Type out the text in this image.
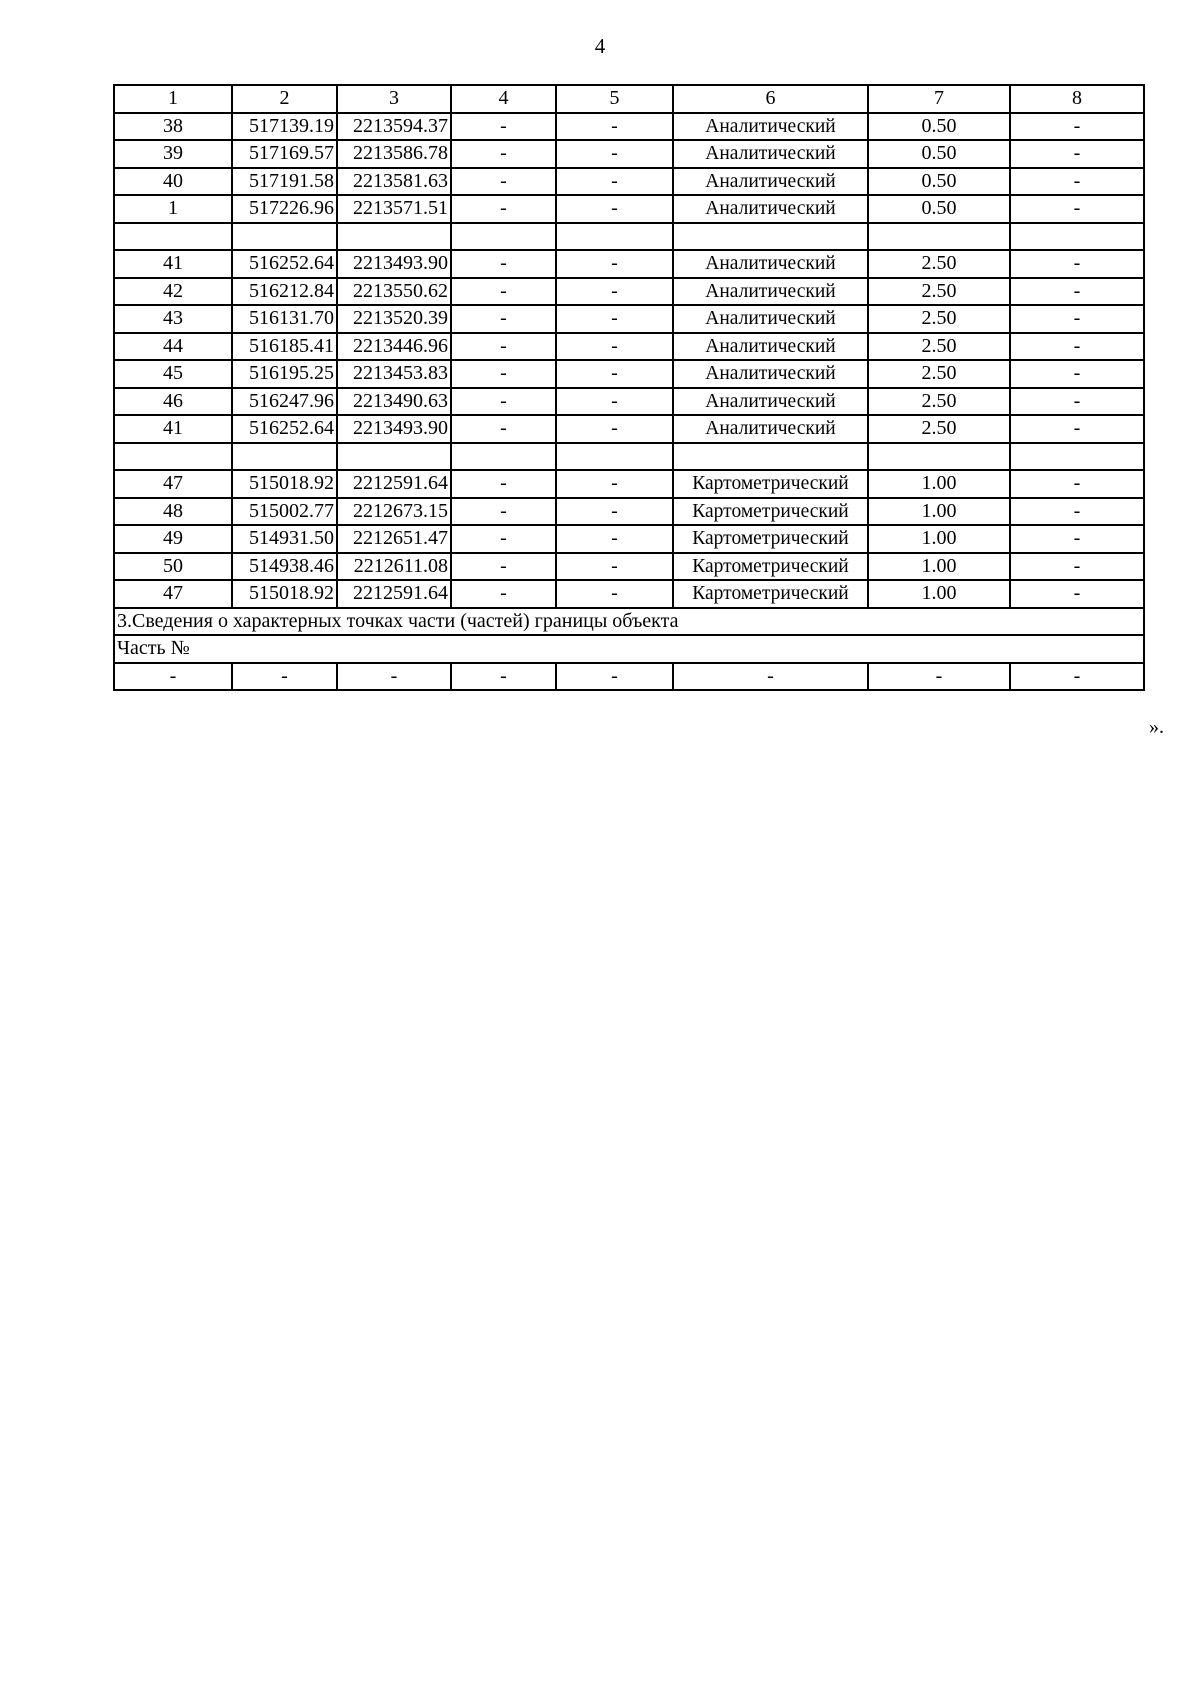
4
1	2	3	4	5	6	7	8
38	517139.19	2213594.37	-	-	Аналитический	0.50	-
39	517169.57	2213586.78	-	-	Аналитический	0.50	-
40	517191.58	2213581.63	-	-	Аналитический	0.50	-
1	517226.96	2213571.51	-	-	Аналитический	0.50	-

41	516252.64	2213493.90	-	-	Аналитический	2.50	-
42	516212.84	2213550.62	-	-	Аналитический	2.50	-
43	516131.70	2213520.39	-	-	Аналитический	2.50	-
44	516185.41	2213446.96	-	-	Аналитический	2.50	-
45	516195.25	2213453.83	-	-	Аналитический	2.50	-
46	516247.96	2213490.63	-	-	Аналитический	2.50	-
41	516252.64	2213493.90	-	-	Аналитический	2.50	-

47	515018.92	2212591.64	-	-	Картометрический	1.00	-
48	515002.77	2212673.15	-	-	Картометрический	1.00	-
49	514931.50	2212651.47	-	-	Картометрический	1.00	-
50	514938.46	2212611.08	-	-	Картометрический	1.00	-
47	515018.92	2212591.64	-	-	Картометрический	1.00	-
3.Сведения о характерных точках части (частей) границы объекта							
Часть №							
-	-	-	-	-	-	-	-
».
